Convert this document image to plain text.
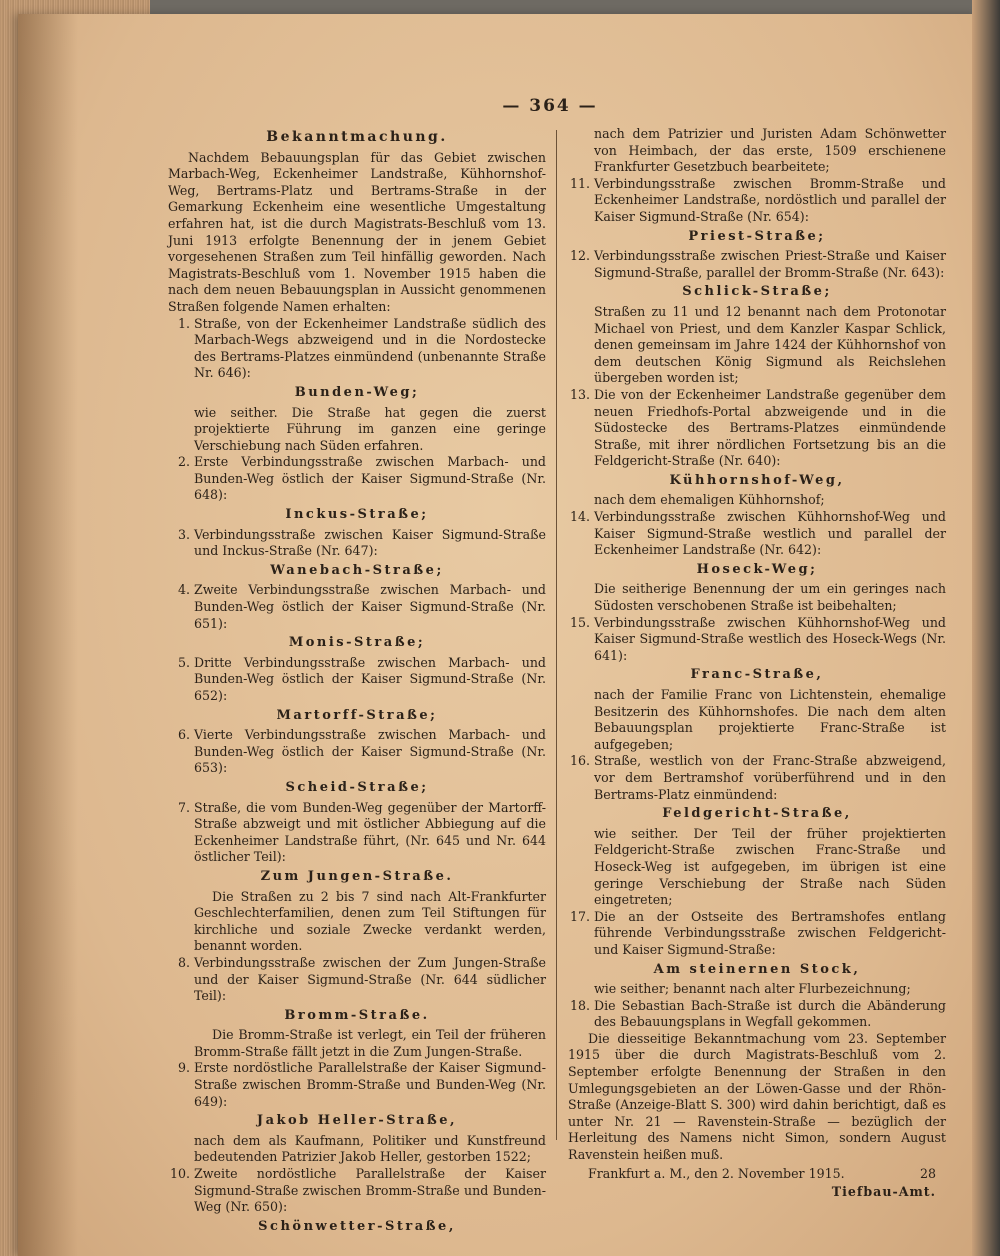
— 364 —
Bekanntmachung.

Nachdem Bebauungsplan für das Gebiet zwischen Marbach-Weg, Eckenheimer Landstraße, Kühhornshof-Weg, Bertrams-Platz und Bertrams-Straße in der Gemarkung Eckenheim eine wesentliche Umgestaltung erfahren hat, ist die durch Magistrats-Beschluß vom 13. Juni 1913 erfolgte Benennung der in jenem Gebiet vorgesehenen Straßen zum Teil hinfällig geworden. Nach Magistrats-Beschluß vom 1. November 1915 haben die nach dem neuen Bebauungsplan in Aussicht genommenen Straßen folgende Namen erhalten:

1. Straße, von der Eckenheimer Landstraße südlich des Marbach-Wegs abzweigend und in die Nordostecke des Bertrams-Platzes einmündend (unbenannte Straße Nr. 646):

Bunden-Weg;

wie seither. Die Straße hat gegen die zuerst projektierte Führung im ganzen eine geringe Verschiebung nach Süden erfahren.

2. Erste Verbindungsstraße zwischen Marbach- und Bunden-Weg östlich der Kaiser Sigmund-Straße (Nr. 648):

Inckus-Straße;

3. Verbindungsstraße zwischen Kaiser Sigmund-Straße und Inckus-Straße (Nr. 647):

Wanebach-Straße;

4. Zweite Verbindungsstraße zwischen Marbach- und Bunden-Weg östlich der Kaiser Sigmund-Straße (Nr. 651):

Monis-Straße;

5. Dritte Verbindungsstraße zwischen Marbach- und Bunden-Weg östlich der Kaiser Sigmund-Straße (Nr. 652):

Martorff-Straße;

6. Vierte Verbindungsstraße zwischen Marbach- und Bunden-Weg östlich der Kaiser Sigmund-Straße (Nr. 653):

Scheid-Straße;

7. Straße, die vom Bunden-Weg gegenüber der Martorff-Straße abzweigt und mit östlicher Abbiegung auf die Eckenheimer Landstraße führt, (Nr. 645 und Nr. 644 östlicher Teil):

Zum Jungen-Straße.

Die Straßen zu 2 bis 7 sind nach Alt-Frankfurter Geschlechterfamilien, denen zum Teil Stiftungen für kirchliche und soziale Zwecke verdankt werden, benannt worden.

8. Verbindungsstraße zwischen der Zum Jungen-Straße und der Kaiser Sigmund-Straße (Nr. 644 südlicher Teil):

Bromm-Straße.

Die Bromm-Straße ist verlegt, ein Teil der früheren Bromm-Straße fällt jetzt in die Zum Jungen-Straße.

9. Erste nordöstliche Parallelstraße der Kaiser Sigmund-Straße zwischen Bromm-Straße und Bunden-Weg (Nr. 649):

Jakob Heller-Straße,

nach dem als Kaufmann, Politiker und Kunstfreund bedeutenden Patrizier Jakob Heller, gestorben 1522;

10. Zweite nordöstliche Parallelstraße der Kaiser Sigmund-Straße zwischen Bromm-Straße und Bunden-Weg (Nr. 650):

Schönwetter-Straße,

nach dem Patrizier und Juristen Adam Schönwetter von Heimbach, der das erste, 1509 erschienene Frankfurter Gesetzbuch bearbeitete;

11. Verbindungsstraße zwischen Bromm-Straße und Eckenheimer Landstraße, nordöstlich und parallel der Kaiser Sigmund-Straße (Nr. 654):

Priest-Straße;

12. Verbindungsstraße zwischen Priest-Straße und Kaiser Sigmund-Straße, parallel der Bromm-Straße (Nr. 643):

Schlick-Straße;

Straßen zu 11 und 12 benannt nach dem Protonotar Michael von Priest, und dem Kanzler Kaspar Schlick, denen gemeinsam im Jahre 1424 der Kühhornshof von dem deutschen König Sigmund als Reichslehen übergeben worden ist;

13. Die von der Eckenheimer Landstraße gegenüber dem neuen Friedhofs-Portal abzweigende und in die Südostecke des Bertrams-Platzes einmündende Straße, mit ihrer nördlichen Fortsetzung bis an die Feldgericht-Straße (Nr. 640):

Kühhornshof-Weg,

nach dem ehemaligen Kühhornshof;

14. Verbindungsstraße zwischen Kühhornshof-Weg und Kaiser Sigmund-Straße westlich und parallel der Eckenheimer Landstraße (Nr. 642):

Hoseck-Weg;

Die seitherige Benennung der um ein geringes nach Südosten verschobenen Straße ist beibehalten;

15. Verbindungsstraße zwischen Kühhornshof-Weg und Kaiser Sigmund-Straße westlich des Hoseck-Wegs (Nr. 641):

Franc-Straße,

nach der Familie Franc von Lichtenstein, ehemalige Besitzerin des Kühhornshofes. Die nach dem alten Bebauungsplan projektierte Franc-Straße ist aufgegeben;

16. Straße, westlich von der Franc-Straße abzweigend, vor dem Bertramshof vorüberführend und in den Bertrams-Platz einmündend:

Feldgericht-Straße,

wie seither. Der Teil der früher projektierten Feldgericht-Straße zwischen Franc-Straße und Hoseck-Weg ist aufgegeben, im übrigen ist eine geringe Verschiebung der Straße nach Süden eingetreten;

17. Die an der Ostseite des Bertramshofes entlang führende Verbindungsstraße zwischen Feldgericht- und Kaiser Sigmund-Straße:

Am steinernen Stock,

wie seither; benannt nach alter Flurbezeichnung;

18. Die Sebastian Bach-Straße ist durch die Abänderung des Bebauungsplans in Wegfall gekommen.

Die diesseitige Bekanntmachung vom 23. September 1915 über die durch Magistrats-Beschluß vom 2. September erfolgte Benennung der Straßen in den Umlegungsgebieten an der Löwen-Gasse und der Rhön-Straße (Anzeige-Blatt S. 300) wird dahin berichtigt, daß es unter Nr. 21 — Ravenstein-Straße — bezüglich der Herleitung des Namens nicht Simon, sondern August Ravenstein heißen muß.

Frankfurt a. M., den 2. November 1915.	28
Tiefbau-Amt.
